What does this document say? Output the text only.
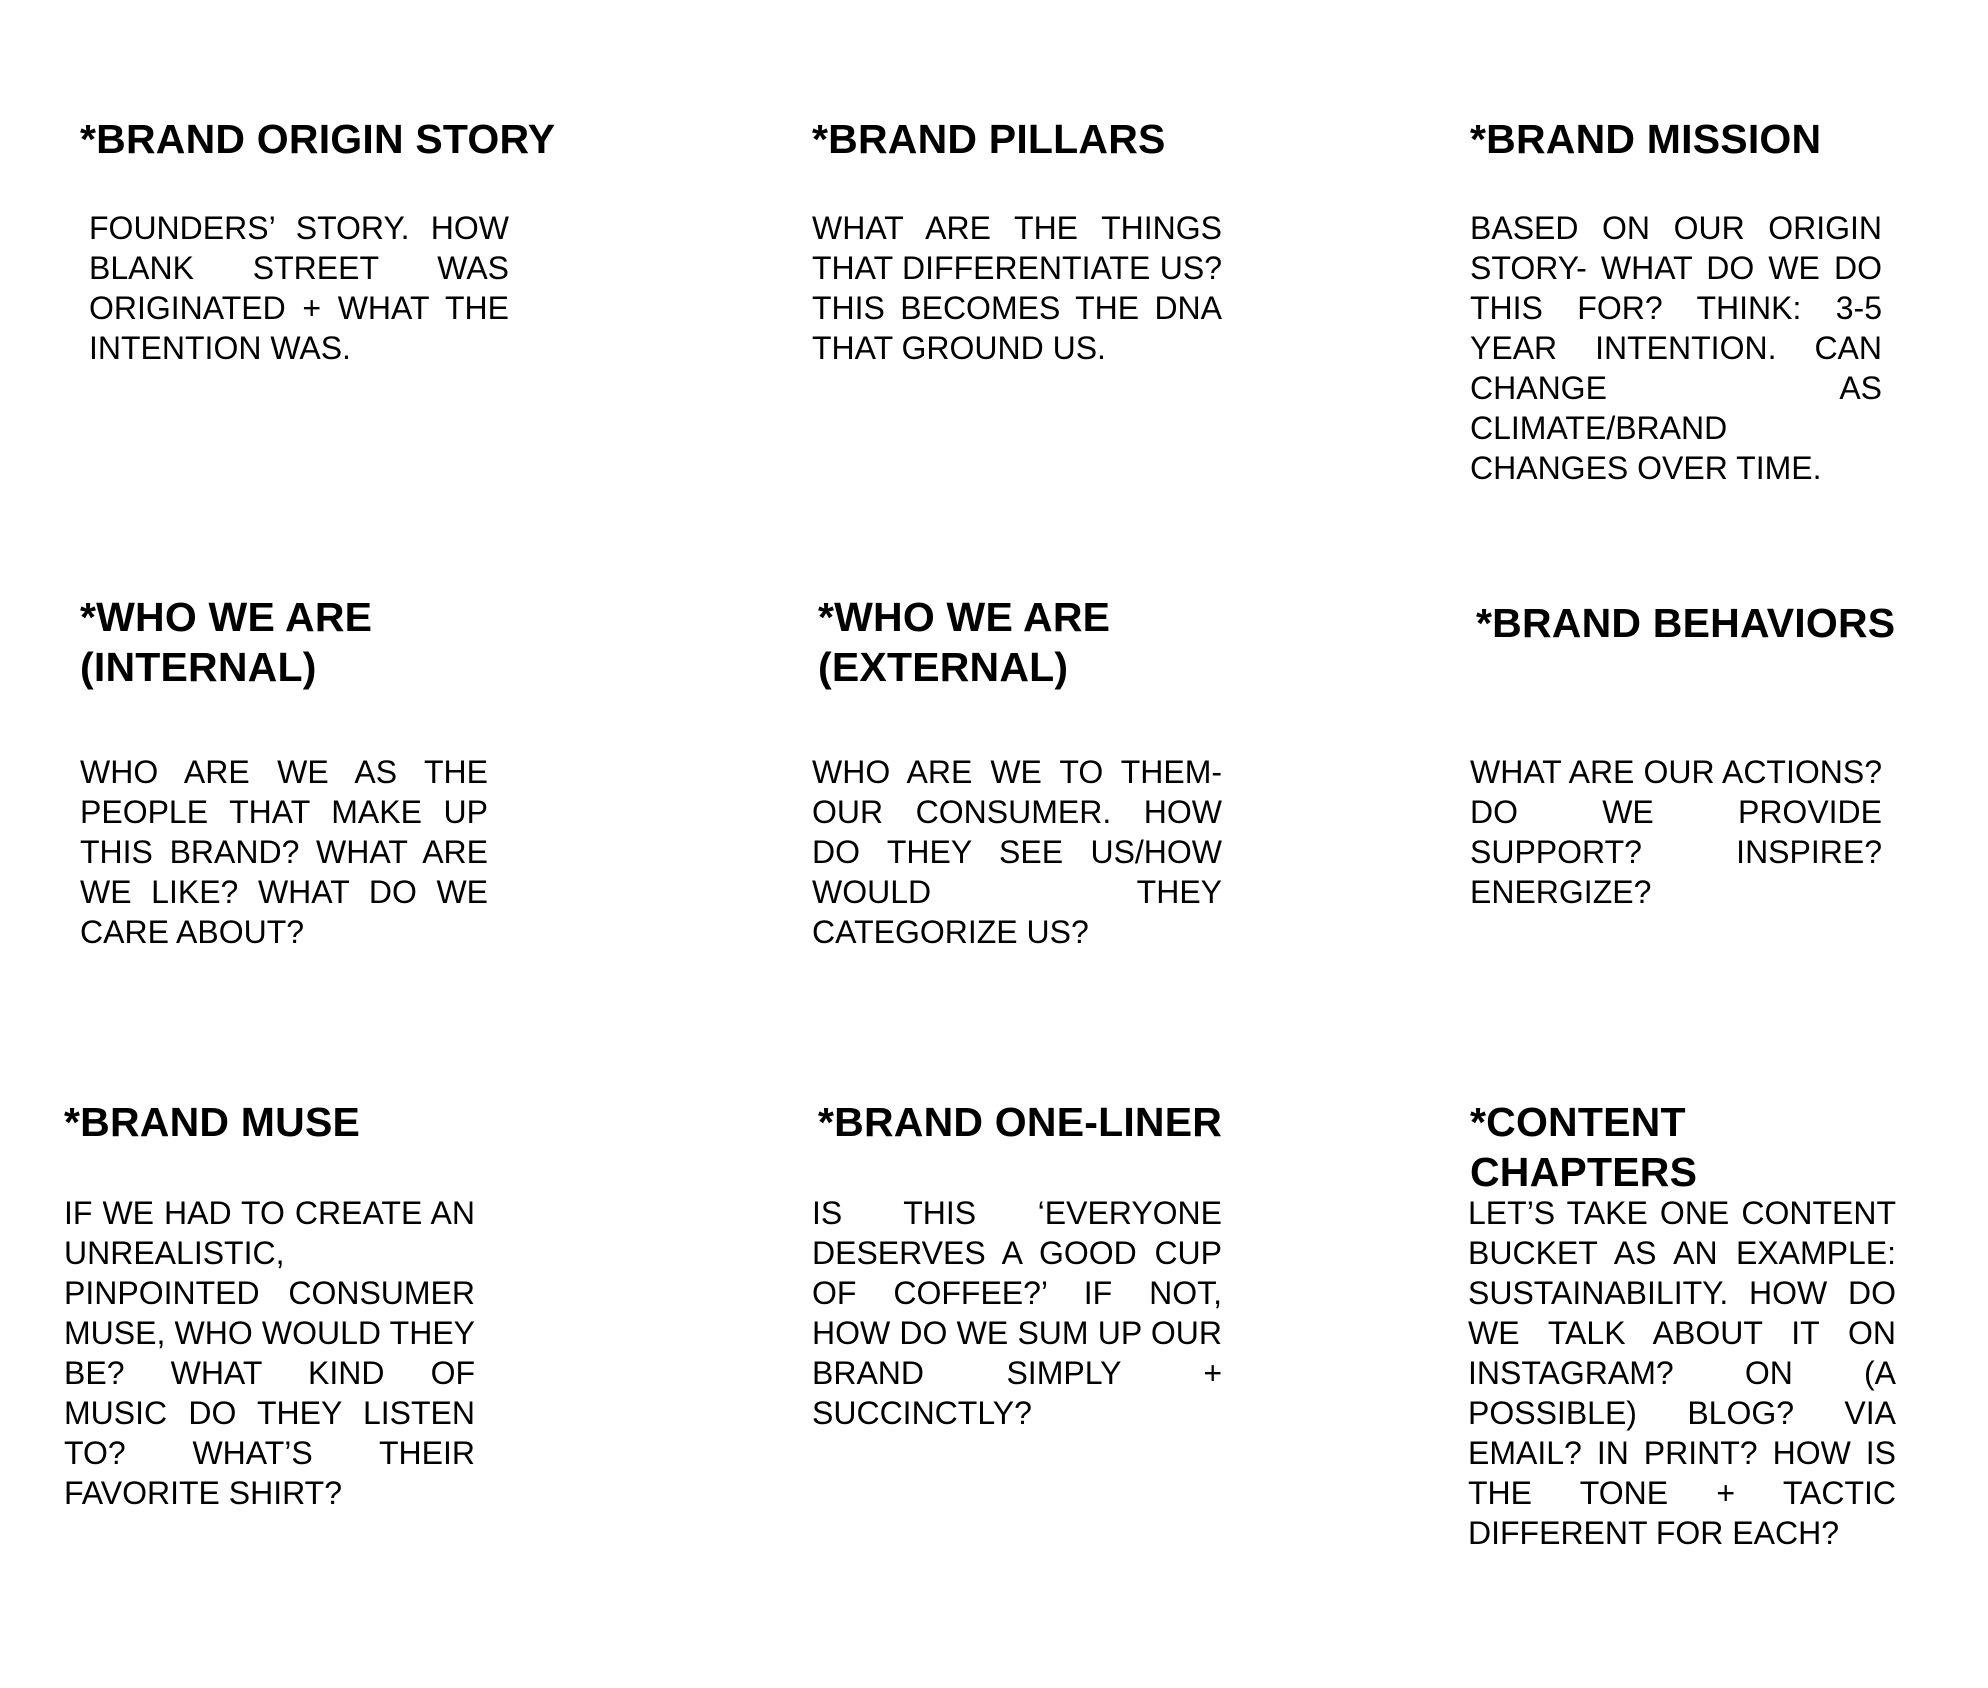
*BRAND ORIGIN STORY

FOUNDERS’ STORY. HOW BLANK STREET WAS ORIGINATED + WHAT THE INTENTION WAS.

*BRAND PILLARS

WHAT ARE THE THINGS THAT DIFFERENTIATE US? THIS BECOMES THE DNA THAT GROUND US.

*BRAND MISSION

BASED ON OUR ORIGIN STORY- WHAT DO WE DO THIS FOR? THINK: 3-5 YEAR INTENTION. CAN CHANGE AS CLIMATE/BRAND CHANGES OVER TIME.

*WHO WE ARE (INTERNAL)

WHO ARE WE AS THE PEOPLE THAT MAKE UP THIS BRAND? WHAT ARE WE LIKE? WHAT DO WE CARE ABOUT?

*WHO WE ARE (EXTERNAL)

WHO ARE WE TO THEM- OUR CONSUMER. HOW DO THEY SEE US/HOW WOULD THEY CATEGORIZE US?

*BRAND BEHAVIORS

WHAT ARE OUR ACTIONS? DO WE PROVIDE SUPPORT? INSPIRE? ENERGIZE?

*BRAND MUSE

IF WE HAD TO CREATE AN UNREALISTIC, PINPOINTED CONSUMER MUSE, WHO WOULD THEY BE? WHAT KIND OF MUSIC DO THEY LISTEN TO? WHAT’S THEIR FAVORITE SHIRT?

*BRAND ONE-LINER

IS THIS ‘EVERYONE DESERVES A GOOD CUP OF COFFEE?’ IF NOT, HOW DO WE SUM UP OUR BRAND SIMPLY + SUCCINCTLY?

*CONTENT CHAPTERS

LET’S TAKE ONE CONTENT BUCKET AS AN EXAMPLE: SUSTAINABILITY. HOW DO WE TALK ABOUT IT ON INSTAGRAM? ON (A POSSIBLE) BLOG? VIA EMAIL? IN PRINT? HOW IS THE TONE + TACTIC DIFFERENT FOR EACH?
